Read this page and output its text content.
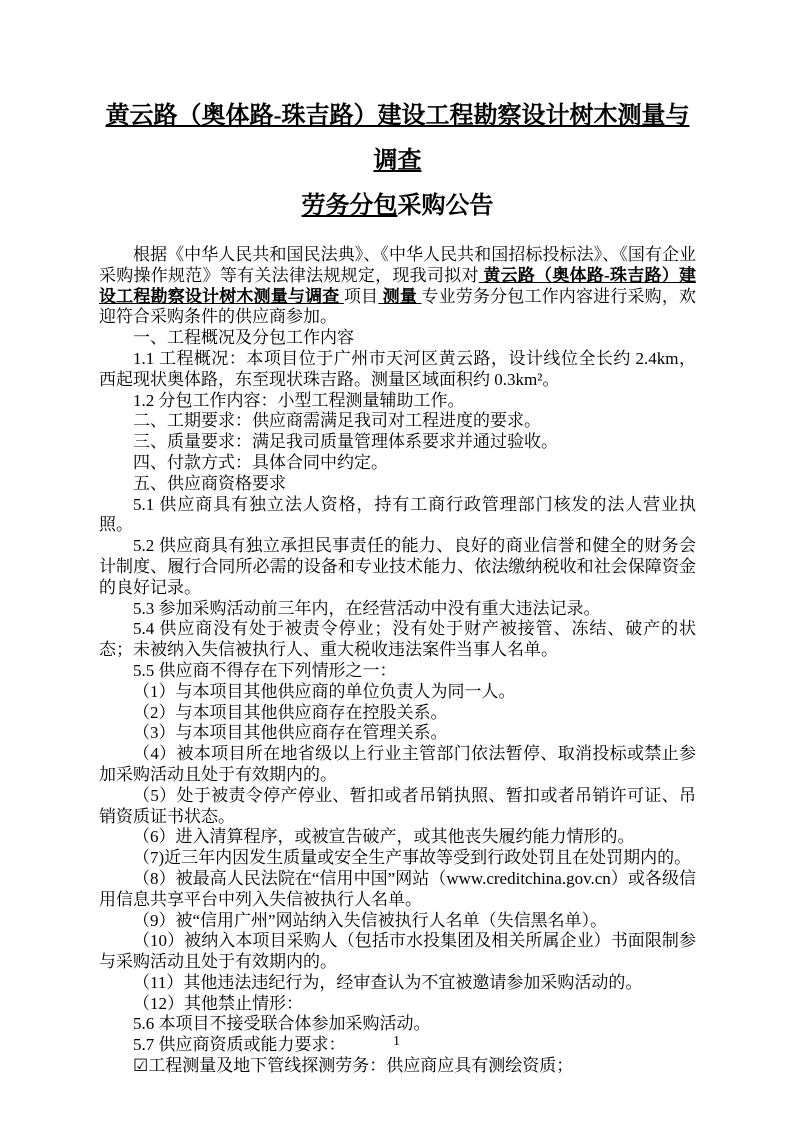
黄云路（奥体路-珠吉路）建设工程勘察设计树木测量与调查
劳务分包采购公告

根据《中华人民共和国民法典》、《中华人民共和国招标投标法》、《国有企业采购操作规范》等有关法律法规规定，现我司拟对 黄云路（奥体路-珠吉路）建设工程勘察设计树木测量与调查 项目 测量 专业劳务分包工作内容进行采购，欢迎符合采购条件的供应商参加。

一、工程概况及分包工作内容

1.1 工程概况：本项目位于广州市天河区黄云路，设计线位全长约 2.4km，西起现状奥体路，东至现状珠吉路。测量区域面积约 0.3km²。

1.2 分包工作内容：小型工程测量辅助工作。

二、工期要求：供应商需满足我司对工程进度的要求。

三、质量要求：满足我司质量管理体系要求并通过验收。

四、付款方式：具体合同中约定。

五、供应商资格要求

5.1 供应商具有独立法人资格，持有工商行政管理部门核发的法人营业执照。

5.2 供应商具有独立承担民事责任的能力、良好的商业信誉和健全的财务会计制度、履行合同所必需的设备和专业技术能力、依法缴纳税收和社会保障资金的良好记录。

5.3 参加采购活动前三年内，在经营活动中没有重大违法记录。

5.4 供应商没有处于被责令停业；没有处于财产被接管、冻结、破产的状态；未被纳入失信被执行人、重大税收违法案件当事人名单。

5.5 供应商不得存在下列情形之一：

（1）与本项目其他供应商的单位负责人为同一人。

（2）与本项目其他供应商存在控股关系。

（3）与本项目其他供应商存在管理关系。

（4）被本项目所在地省级以上行业主管部门依法暂停、取消投标或禁止参加采购活动且处于有效期内的。

（5）处于被责令停产停业、暂扣或者吊销执照、暂扣或者吊销许可证、吊销资质证书状态。

（6）进入清算程序，或被宣告破产，或其他丧失履约能力情形的。

（7)近三年内因发生质量或安全生产事故等受到行政处罚且在处罚期内的。

（8）被最高人民法院在“信用中国”网站（www.creditchina.gov.cn）或各级信用信息共享平台中列入失信被执行人名单。

（9）被“信用广州”网站纳入失信被执行人名单（失信黑名单）。

（10）被纳入本项目采购人（包括市水投集团及相关所属企业）书面限制参与采购活动且处于有效期内的。

（11）其他违法违纪行为，经审查认为不宜被邀请参加采购活动的。

（12）其他禁止情形：

5.6 本项目不接受联合体参加采购活动。

5.7 供应商资质或能力要求：

☑工程测量及地下管线探测劳务：供应商应具有测绘资质；

1
